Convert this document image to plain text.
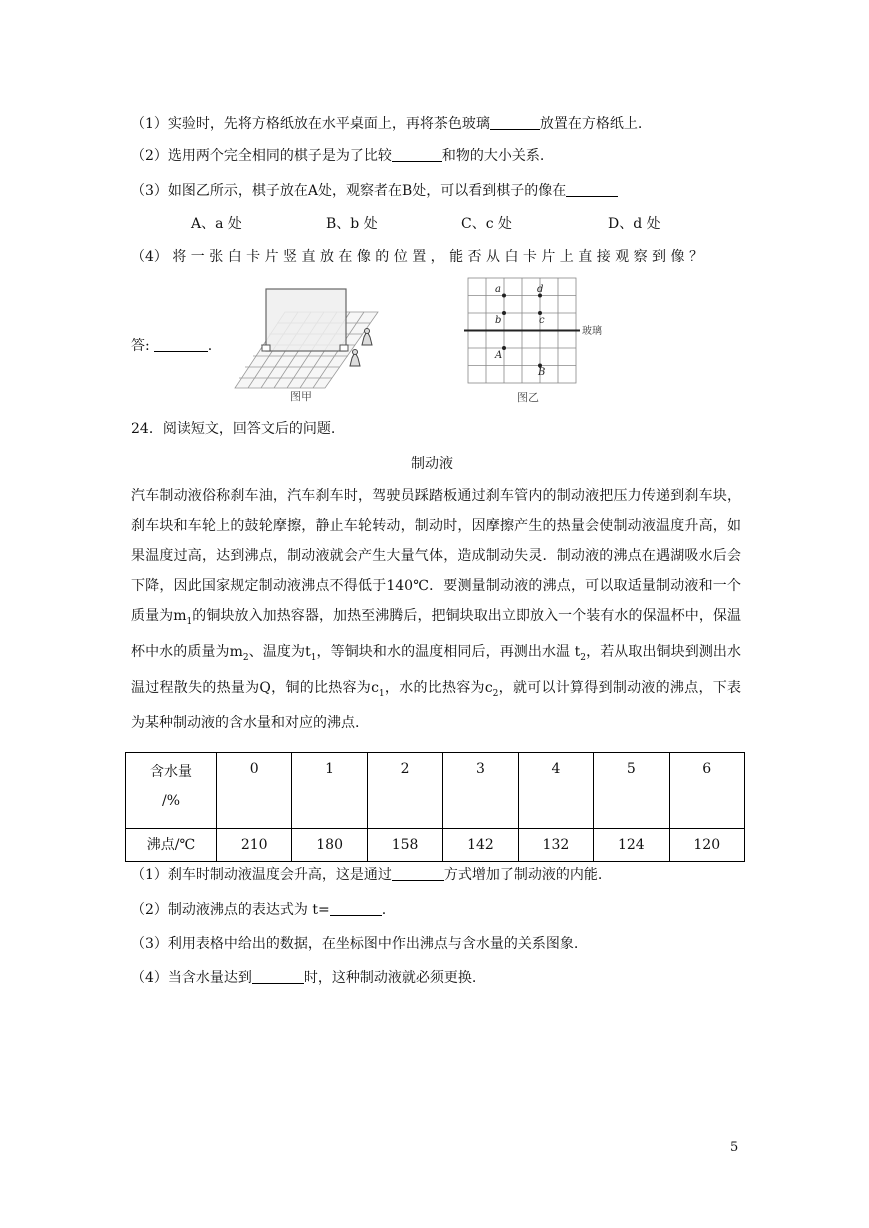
（1）实验时，先将方格纸放在水平桌面上，再将茶色玻璃	放置在方格纸上.
（2）选用两个完全相同的棋子是为了比较	和物的大小关系.
（3）如图乙所示，棋子放在A处，观察者在B处，可以看到棋子的像在
A、a 处	B、b 处	C、c 处	D、d 处
（4） 将 一 张 白 卡 片 竖 直 放 在 像 的 位 置 ， 能 否 从 白 卡 片 上 直 接 观 察 到 像 ？
答:	.
图甲
玻璃
a	d
b	c
A
B
图乙
24．阅读短文，回答文后的问题.
制动液
汽车制动液俗称刹车油，汽车刹车时，驾驶员踩踏板通过刹车管内的制动液把压力传递到刹车块，刹车块和车轮上的鼓轮摩擦，静止车轮转动，制动时，因摩擦产生的热量会使制动液温度升高，如果温度过高，达到沸点，制动液就会产生大量气体，造成制动失灵．制动液的沸点在遇湖吸水后会下降，因此国家规定制动液沸点不得低于140℃．要测量制动液的沸点，可以取适量制动液和一个质量为$m_1$的铜块放入加热容器，加热至沸腾后，把铜块取出立即放入一个装有水的保温杯中，保温杯中水的质量为$m_2$、温度为$t_1$，等铜块和水的温度相同后，再测出水温 $t_2$，若从取出铜块到测出水温过程散失的热量为Q，铜的比热容为$c_1$，水的比热容为$c_2$，就可以计算得到制动液的沸点，下表为某种制动液的含水量和对应的沸点.
含水量
/%	0	1	2	3	4	5	6
沸点/℃	210	180	158	142	132	124	120
（1）刹车时制动液温度会升高，这是通过	方式增加了制动液的内能.
（2）制动液沸点的表达式为 t=	.
（3）利用表格中给出的数据，在坐标图中作出沸点与含水量的关系图象.
（4）当含水量达到	时，这种制动液就必须更换.
5
